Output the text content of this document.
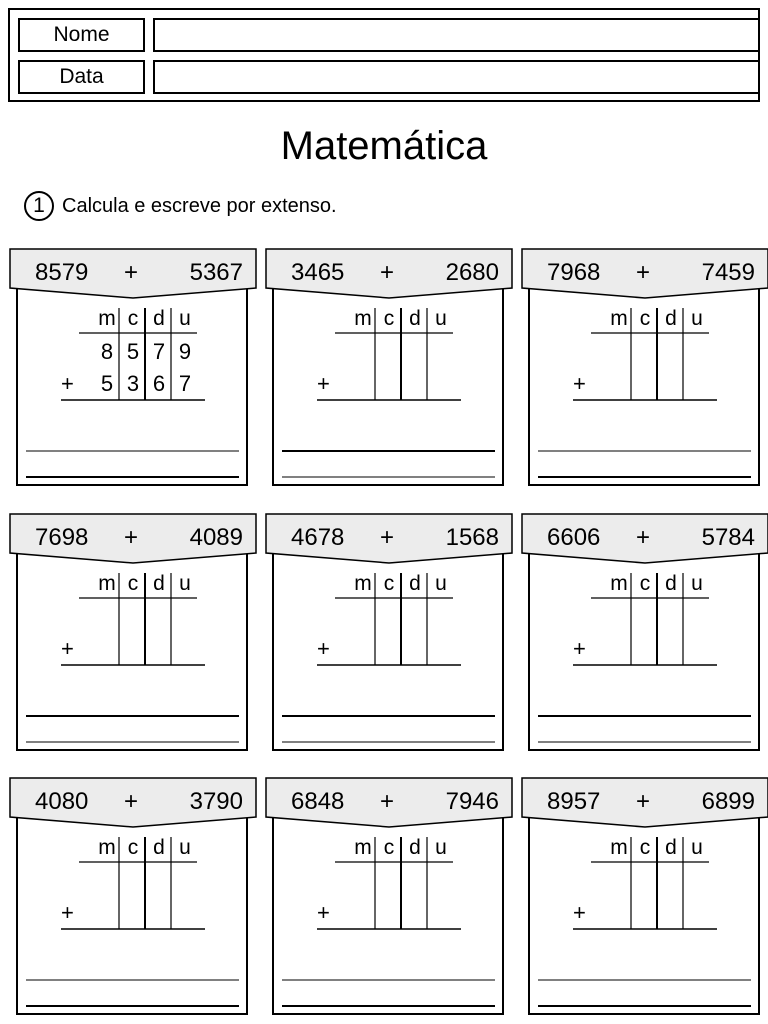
Nome
Data
Matemática
1 Calcula e escreve por extenso.
8579 + 5367
m c d u
+
8 5 7 9
5 3 6 7
3465 + 2680
m c d u
+
7968 + 7459
m c d u
+
7698 + 4089
m c d u
+
4678 + 1568
m c d u
+
6606 + 5784
m c d u
+
4080 + 3790
m c d u
+
6848 + 7946
m c d u
+
8957 + 6899
m c d u
+
